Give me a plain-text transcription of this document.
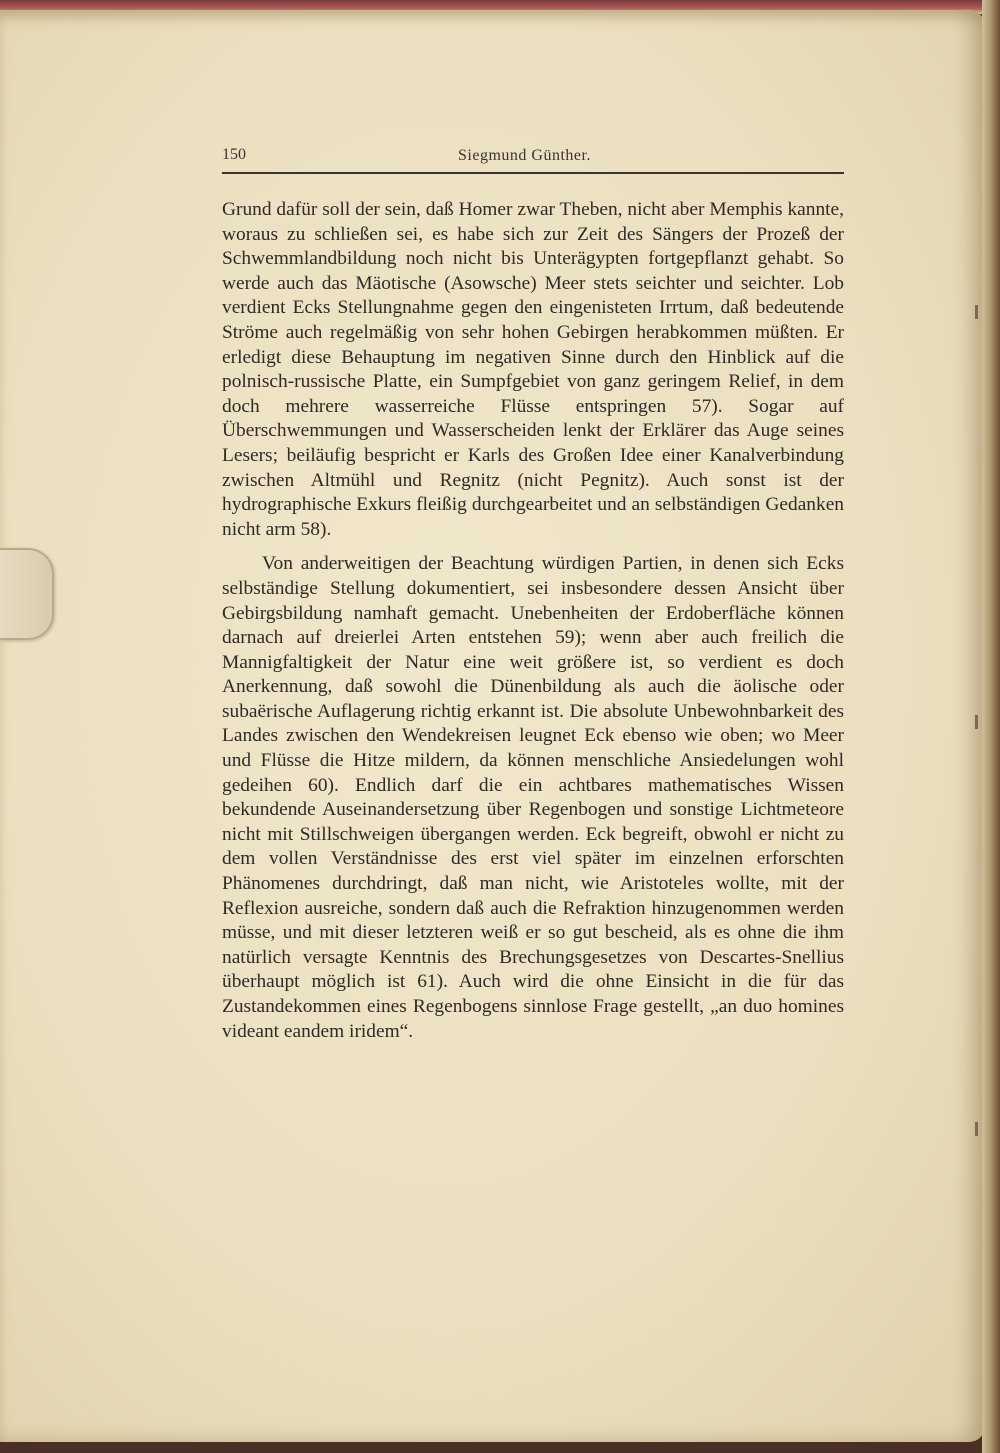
150	Siegmund Günther.

Grund dafür soll der sein, daß Homer zwar Theben, nicht aber Memphis kannte, woraus zu schließen sei, es habe sich zur Zeit des Sängers der Prozeß der Schwemmlandbildung noch nicht bis Unterägypten fortgepflanzt gehabt. So werde auch das Mäotische (Asowsche) Meer stets seichter und seichter. Lob verdient Ecks Stellungnahme gegen den eingenisteten Irrtum, daß bedeutende Ströme auch regelmäßig von sehr hohen Gebirgen herabkommen müßten. Er erledigt diese Behauptung im negativen Sinne durch den Hinblick auf die polnisch-russische Platte, ein Sumpfgebiet von ganz geringem Relief, in dem doch mehrere wasserreiche Flüsse entspringen 57). Sogar auf Überschwemmungen und Wasserscheiden lenkt der Erklärer das Auge seines Lesers; beiläufig bespricht er Karls des Großen Idee einer Kanalverbindung zwischen Altmühl und Regnitz (nicht Pegnitz). Auch sonst ist der hydrographische Exkurs fleißig durchgearbeitet und an selbständigen Gedanken nicht arm 58).

Von anderweitigen der Beachtung würdigen Partien, in denen sich Ecks selbständige Stellung dokumentiert, sei insbesondere dessen Ansicht über Gebirgsbildung namhaft gemacht. Unebenheiten der Erdoberfläche können darnach auf dreierlei Arten entstehen 59); wenn aber auch freilich die Mannigfaltigkeit der Natur eine weit größere ist, so verdient es doch Anerkennung, daß sowohl die Dünenbildung als auch die äolische oder subaërische Auflagerung richtig erkannt ist. Die absolute Unbewohnbarkeit des Landes zwischen den Wendekreisen leugnet Eck ebenso wie oben; wo Meer und Flüsse die Hitze mildern, da können menschliche Ansiedelungen wohl gedeihen 60). Endlich darf die ein achtbares mathematisches Wissen bekundende Auseinandersetzung über Regenbogen und sonstige Lichtmeteore nicht mit Stillschweigen übergangen werden. Eck begreift, obwohl er nicht zu dem vollen Verständnisse des erst viel später im einzelnen erforschten Phänomenes durchdringt, daß man nicht, wie Aristoteles wollte, mit der Reflexion ausreiche, sondern daß auch die Refraktion hinzugenommen werden müsse, und mit dieser letzteren weiß er so gut bescheid, als es ohne die ihm natürlich versagte Kenntnis des Brechungsgesetzes von Descartes-Snellius überhaupt möglich ist 61). Auch wird die ohne Einsicht in die für das Zustandekommen eines Regenbogens sinnlose Frage gestellt, „an duo homines videant eandem iridem“.
